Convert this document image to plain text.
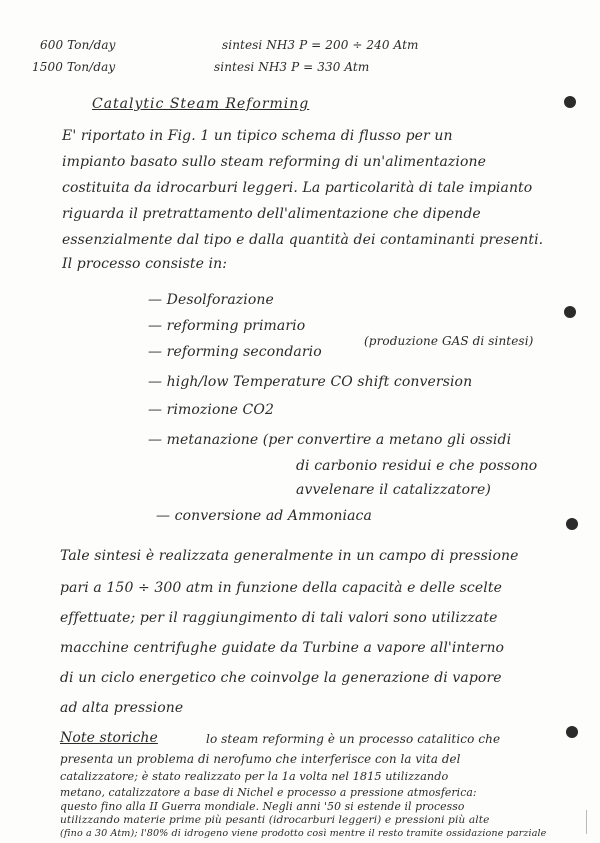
600 Ton/day	sintesi NH3 P = 200 ÷ 240 Atm
1500 Ton/day	sintesi NH3 P = 330 Atm
Catalytic Steam Reforming
E' riportato in Fig. 1 un tipico schema di flusso per un
impianto basato sullo steam reforming di un'alimentazione
costituita da idrocarburi leggeri. La particolarità di tale impianto
riguarda il pretrattamento dell'alimentazione che dipende
essenzialmente dal tipo e dalla quantità dei contaminanti presenti.
Il processo consiste in:
— Desolforazione
— reforming primario
— reforming secondario
— high/low Temperature CO shift conversion
— rimozione CO2
— metanazione (per convertire a metano gli ossidi
di carbonio residui e che possono
avvelenare il catalizzatore)
— conversione ad Ammoniaca
(produzione GAS di sintesi)
Tale sintesi è realizzata generalmente in un campo di pressione
pari a 150 ÷ 300 atm in funzione della capacità e delle scelte
effettuate; per il raggiungimento di tali valori sono utilizzate
macchine centrifughe guidate da Turbine a vapore all'interno
di un ciclo energetico che coinvolge la generazione di vapore
ad alta pressione
Note storiche	lo steam reforming è un processo catalitico che
presenta un problema di nerofumo che interferisce con la vita del
catalizzatore; è stato realizzato per la 1a volta nel 1815 utilizzando
metano, catalizzatore a base di Nichel e processo a pressione atmosferica:
questo fino alla II Guerra mondiale. Negli anni '50 si estende il processo
utilizzando materie prime più pesanti (idrocarburi leggeri) e pressioni più alte
(fino a 30 Atm); l'80% di idrogeno viene prodotto così mentre il resto tramite ossidazione parziale
